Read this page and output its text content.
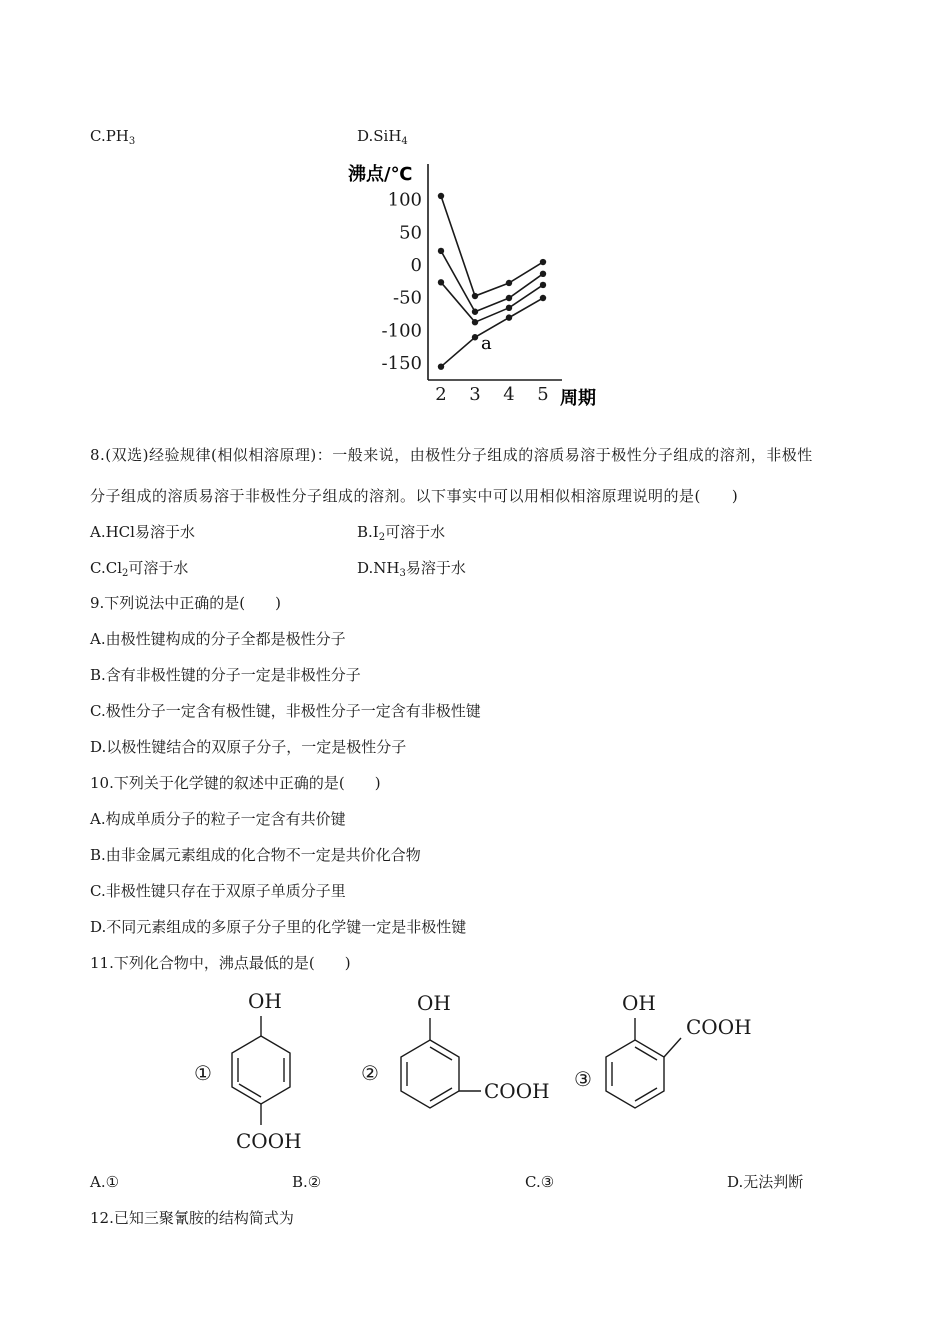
$C.PH_3$	D.SiH$_4$
沸点/℃
周期
100
50
0
-50
-100
-150
2 3 4 5
a
8.(双选)经验规律(相似相溶原理)：一般来说，由极性分子组成的溶质易溶于极性分子组成的溶剂，非极性
分子组成的溶质易溶于非极性分子组成的溶剂。以下事实中可以用相似相溶原理说明的是(　　)
A.HCl易溶于水	$B.I_2$可溶于水
$C.Cl_2$可溶于水	$D.NH_3$易溶于水
9.下列说法中正确的是(　　)
A.由极性键构成的分子全都是极性分子
B.含有非极性键的分子一定是非极性分子
C.极性分子一定含有极性键，非极性分子一定含有非极性键
D.以极性键结合的双原子分子，一定是极性分子
10.下列关于化学键的叙述中正确的是(　　)
A.构成单质分子的粒子一定含有共价键
B.由非金属元素组成的化合物不一定是共价化合物
C.非极性键只存在于双原子单质分子里
D.不同元素组成的多原子分子里的化学键一定是非极性键
11.下列化合物中，沸点最低的是(　　)
①
OH
COOH
②
OH
COOH ③
OH
COOH
A.①	B.②	C.③	D.无法判断
12.已知三聚氰胺的结构简式为
